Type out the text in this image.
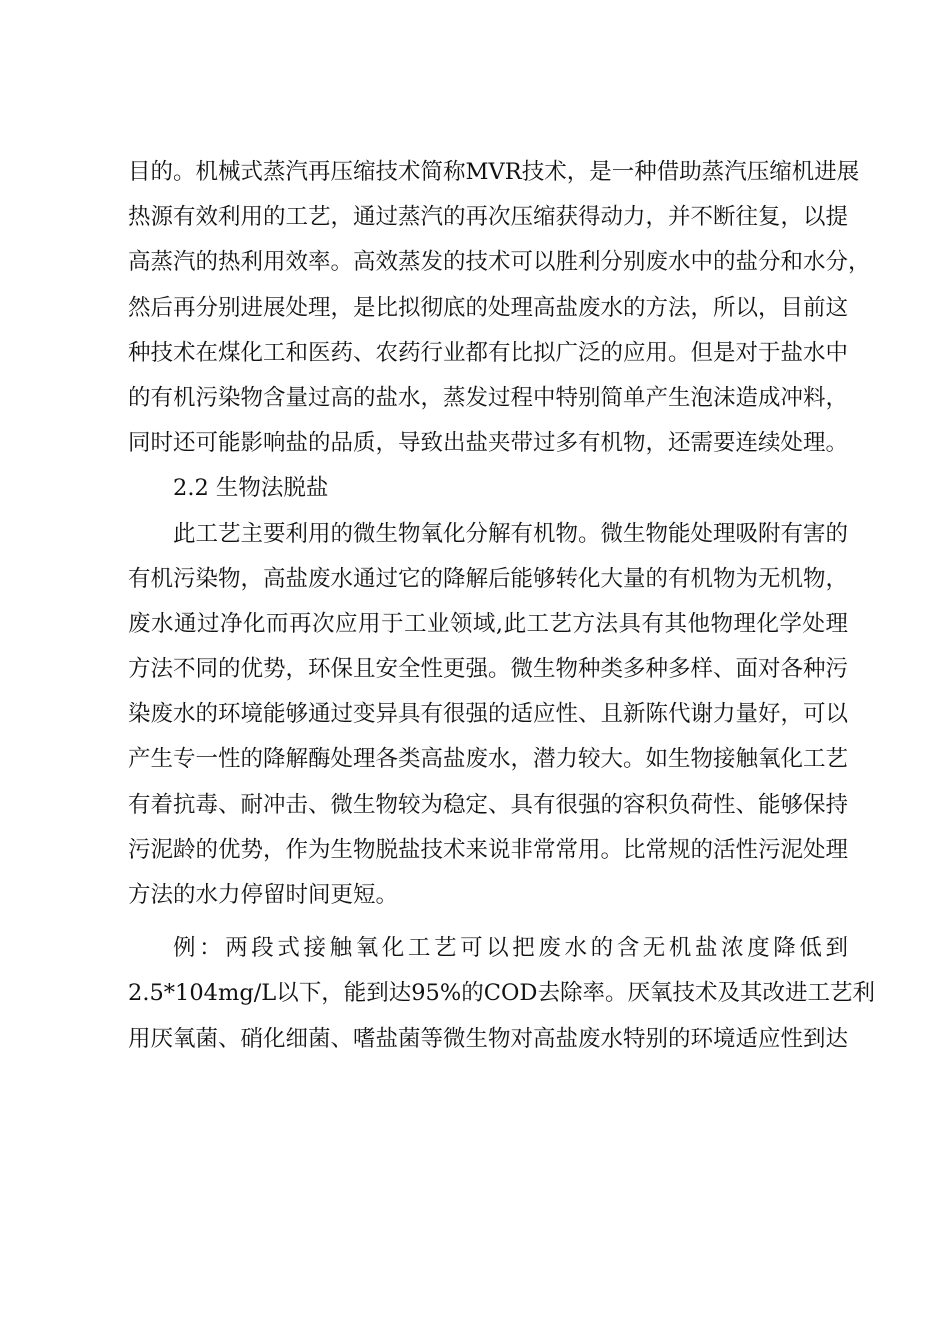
目的。机械式蒸汽再压缩技术简称MVR技术，是一种借助蒸汽压缩机进展
热源有效利用的工艺，通过蒸汽的再次压缩获得动力，并不断往复，以提
高蒸汽的热利用效率。高效蒸发的技术可以胜利分别废水中的盐分和水分，
然后再分别进展处理，是比拟彻底的处理高盐废水的方法，所以，目前这
种技术在煤化工和医药、农药行业都有比拟广泛的应用。但是对于盐水中
的有机污染物含量过高的盐水，蒸发过程中特别简单产生泡沫造成冲料，
同时还可能影响盐的品质，导致出盐夹带过多有机物，还需要连续处理。
2.2 生物法脱盐
此工艺主要利用的微生物氧化分解有机物。微生物能处理吸附有害的
有机污染物，高盐废水通过它的降解后能够转化大量的有机物为无机物，
废水通过净化而再次应用于工业领域,此工艺方法具有其他物理化学处理
方法不同的优势，环保且安全性更强。微生物种类多种多样、面对各种污
染废水的环境能够通过变异具有很强的适应性、且新陈代谢力量好，可以
产生专一性的降解酶处理各类高盐废水，潜力较大。如生物接触氧化工艺
有着抗毒、耐冲击、微生物较为稳定、具有很强的容积负荷性、能够保持
污泥龄的优势，作为生物脱盐技术来说非常常用。比常规的活性污泥处理
方法的水力停留时间更短。
例：两段式接触氧化工艺可以把废水的含无机盐浓度降低到
2.5*104mg/L以下，能到达95%的COD去除率。厌氧技术及其改进工艺利
用厌氧菌、硝化细菌、嗜盐菌等微生物对高盐废水特别的环境适应性到达
